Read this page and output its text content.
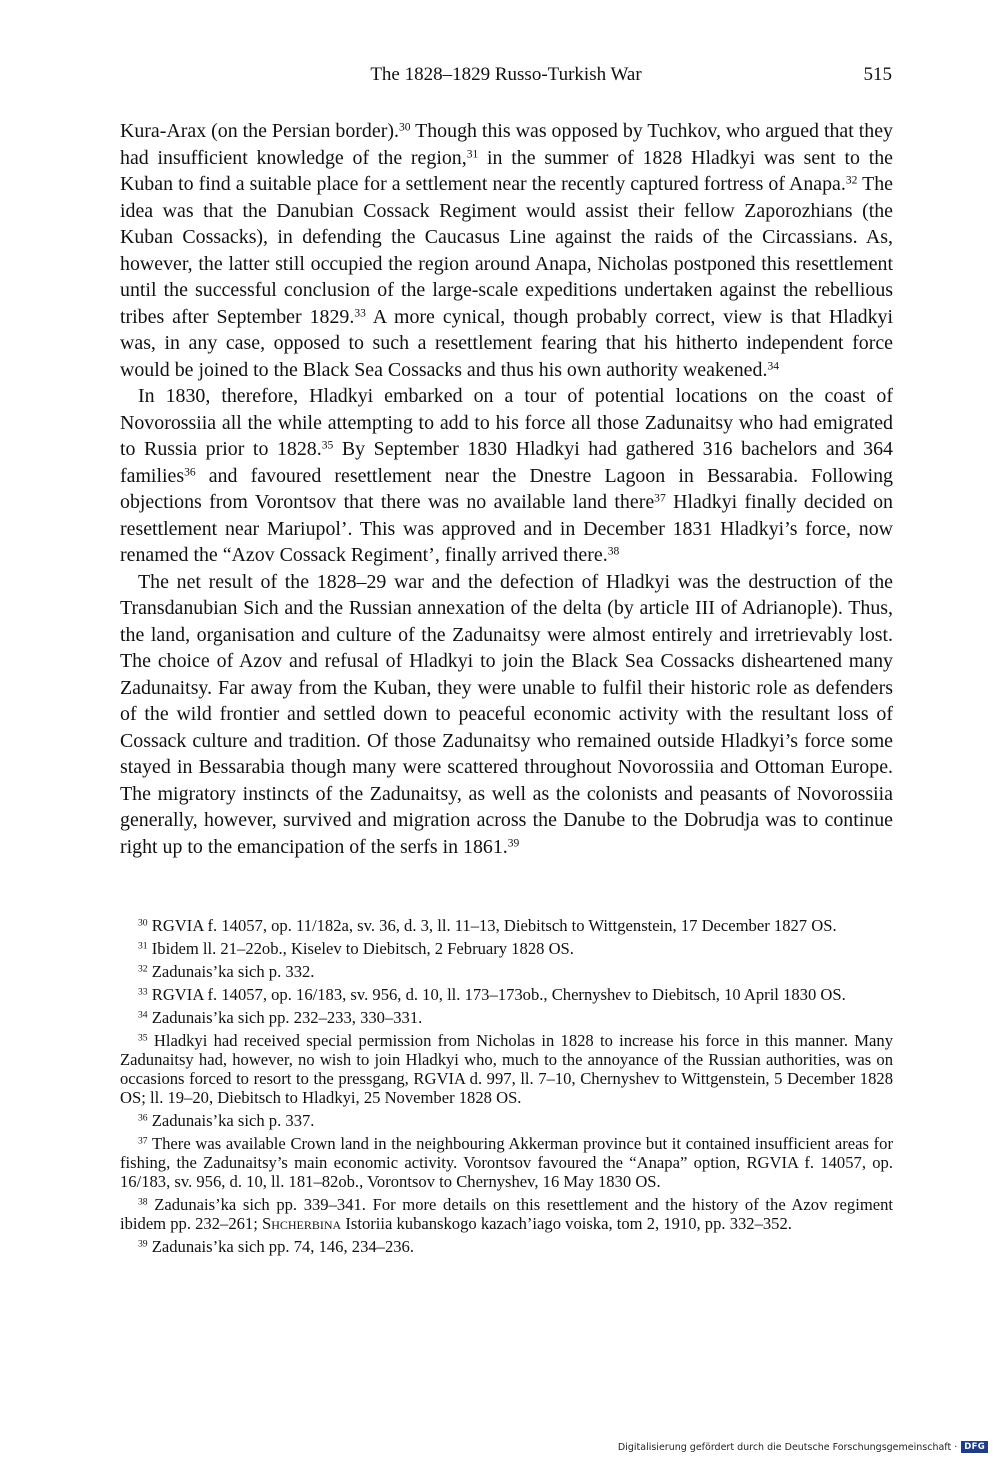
The 1828–1829 Russo-Turkish War	515

Kura-Arax (on the Persian border).$^{30}$ Though this was opposed by Tuchkov, who argued that they had insufficient knowledge of the region,$^{31}$ in the summer of 1828 Hladkyi was sent to the Kuban to find a suitable place for a settlement near the recently captured fortress of Anapa.$^{32}$ The idea was that the Danubian Cossack Regiment would assist their fellow Zaporozhians (the Kuban Cossacks), in defending the Caucasus Line against the raids of the Circassians. As, however, the latter still occupied the region around Anapa, Nicholas postponed this resettlement until the successful conclusion of the large-scale expeditions undertaken against the rebellious tribes after September 1829.33 A more cynical, though probably correct, view is that Hladkyi was, in any case, opposed to such a resettlement fearing that his hitherto independent force would be joined to the Black Sea Cossacks and thus his own authority weakened.$^{34}$

In 1830, therefore, Hladkyi embarked on a tour of potential locations on the coast of Novorossiia all the while attempting to add to his force all those Zadunaitsy who had emigrated to Russia prior to 1828.35 By September 1830 Hladkyi had gathered 316 bachelors and 364 families$^{36}$ and favoured resettlement near the Dnestre Lagoon in Bessarabia. Following objections from Vorontsov that there was no available land there$^{37}$ Hladkyi finally decided on resettlement near Mariupol’. This was approved and in December 1831 Hladkyi’s force, now renamed the “Azov Cossack Regiment’, finally arrived there.$^{38}$

The net result of the 1828–29 war and the defection of Hladkyi was the destruction of the Transdanubian Sich and the Russian annexation of the delta (by article III of Adrianople). Thus, the land, organisation and culture of the Zadunaitsy were almost entirely and irretrievably lost. The choice of Azov and refusal of Hladkyi to join the Black Sea Cossacks disheartened many Zadunaitsy. Far away from the Kuban, they were unable to fulfil their historic role as defenders of the wild frontier and settled down to peaceful economic activity with the resultant loss of Cossack culture and tradition. Of those Zadunaitsy who remained outside Hladkyi’s force some stayed in Bessarabia though many were scattered throughout Novorossiia and Ottoman Europe. The migratory instincts of the Zadunaitsy, as well as the colonists and peasants of Novorossiia generally, however, survived and migration across the Danube to the Dobrudja was to continue right up to the emancipation of the serfs in 1861.39

$^{30}$ RGVIA f. 14057, op. 11/182a, sv. 36, d. 3, ll. 11–13, Diebitsch to Wittgenstein, 17 December 1827 OS.

$^{31}$ Ibidem ll. 21–22ob., Kiselev to Diebitsch, 2 February 1828 OS.

$^{32}$ Zadunais’ka sich p. 332.

$^{33}$ RGVIA f. 14057, op. 16/183, sv. 956, d. 10, ll. 173–173ob., Chernyshev to Diebitsch, 10 April 1830 OS.

$^{34}$ Zadunais’ka sich pp. 232–233, 330–331.

$^{35}$ Hladkyi had received special permission from Nicholas in 1828 to increase his force in this manner. Many Zadunaitsy had, however, no wish to join Hladkyi who, much to the annoyance of the Russian authorities, was on occasions forced to resort to the pressgang, RGVIA d. 997, ll. 7–10, Chernyshev to Wittgenstein, 5 December 1828 OS; ll. 19–20, Diebitsch to Hladkyi, 25 November 1828 OS.

$^{36}$ Zadunais’ka sich p. 337.

$^{37}$ There was available Crown land in the neighbouring Akkerman province but it contained insufficient areas for fishing, the Zadunaitsy’s main economic activity. Vorontsov favoured the “Anapa” option, RGVIA f. 14057, op. 16/183, sv. 956, d. 10, ll. 181–82ob., Vorontsov to Chernyshev, 16 May 1830 OS.

$^{38}$ Zadunais’ka sich pp. 339–341. For more details on this resettlement and the history of the Azov regiment ibidem pp. 232–261; Shcherbina Istoriia kubanskogo kazach’iago voiska, tom 2, 1910, pp. 332–352.

$^{39}$ Zadunais’ka sich pp. 74, 146, 234–236.

Digitalisierung gefördert durch die Deutsche Forschungsgemeinschaft · DFG
